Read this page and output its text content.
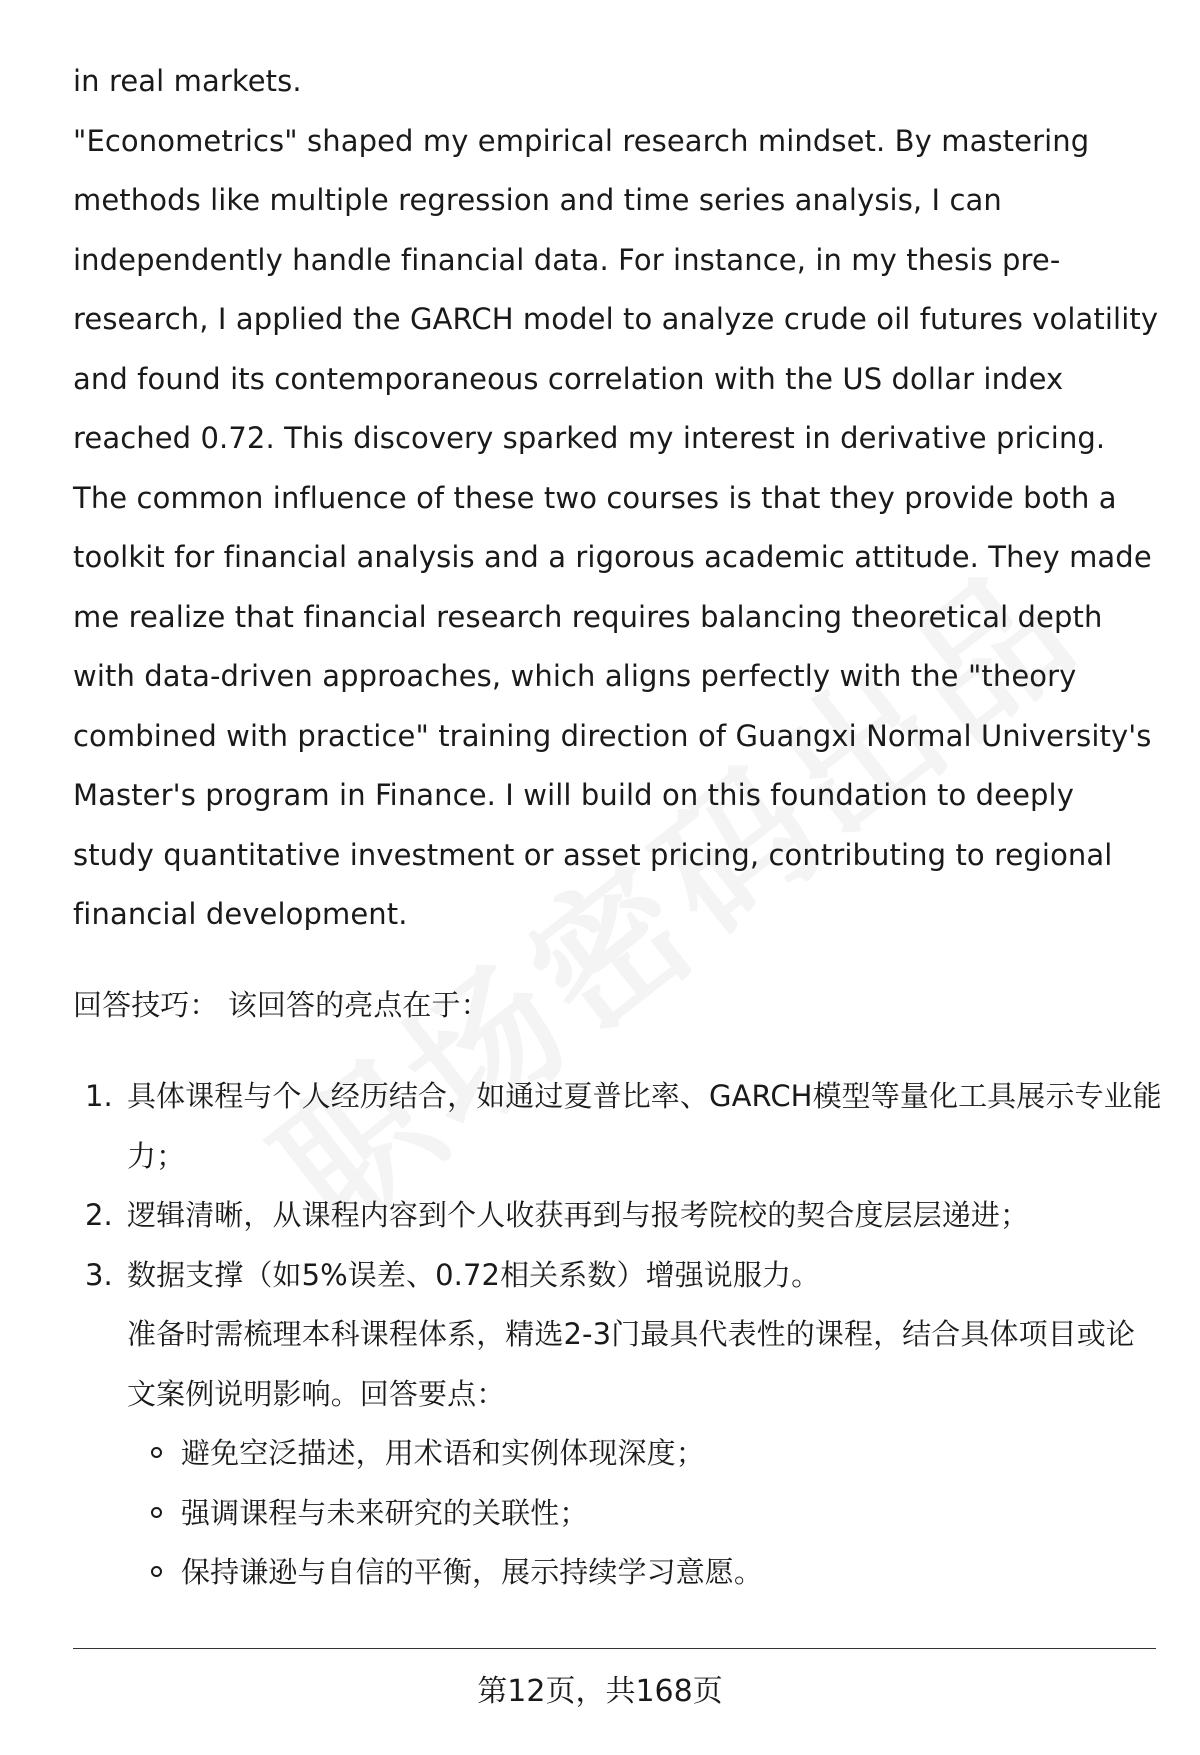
in real markets.

"Econometrics" shaped my empirical research mindset. By mastering methods like multiple regression and time series analysis, I can independently handle financial data. For instance, in my thesis pre-research, I applied the GARCH model to analyze crude oil futures volatility and found its contemporaneous correlation with the US dollar index reached 0.72. This discovery sparked my interest in derivative pricing.

The common influence of these two courses is that they provide both a toolkit for financial analysis and a rigorous academic attitude. They made me realize that financial research requires balancing theoretical depth with data-driven approaches, which aligns perfectly with the "theory combined with practice" training direction of Guangxi Normal University's Master's program in Finance. I will build on this foundation to deeply study quantitative investment or asset pricing, contributing to regional financial development.

回答技巧： 该回答的亮点在于：

1. 具体课程与个人经历结合，如通过夏普比率、GARCH模型等量化工具展示专业能力；
2. 逻辑清晰，从课程内容到个人收获再到与报考院校的契合度层层递进；
3. 数据支撑（如5%误差、0.72相关系数）增强说服力。

准备时需梳理本科课程体系，精选2-3门最具代表性的课程，结合具体项目或论文案例说明影响。回答要点：

避免空泛描述，用术语和实例体现深度；
强调课程与未来研究的关联性；
保持谦逊与自信的平衡，展示持续学习意愿。
第12页，共168页
